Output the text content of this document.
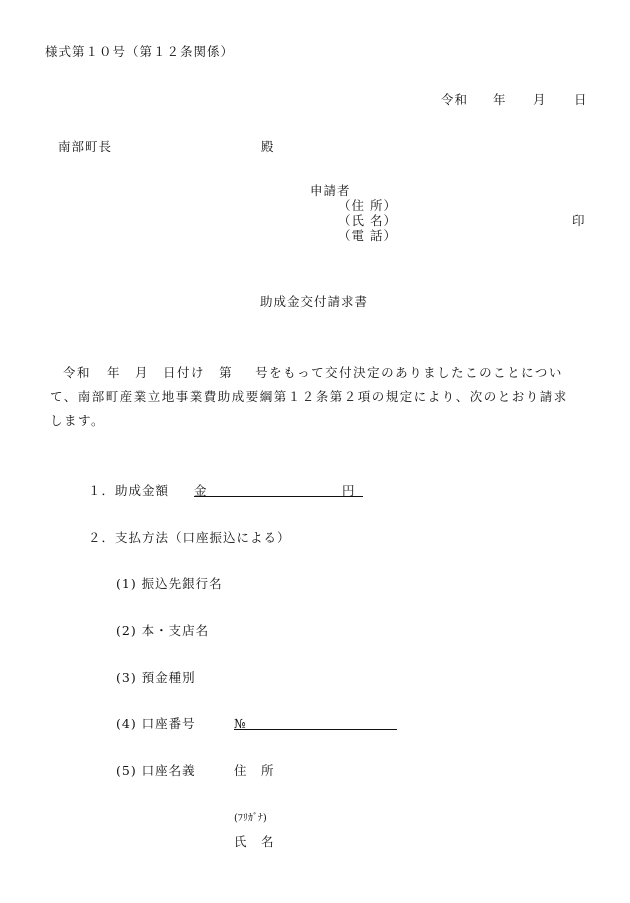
様式第１０号（第１２条関係）
令和 年 月 日
南部町長	殿
申請者
（住 所）
（氏 名）	印
（電 話）
助成金交付請求書
令和 年 月 日付け 第 号をもって交付決定のありましたこのことについて、南部町産業立地事業費助成要綱第１２条第２項の規定により、次のとおり請求します。
１．助成金額 金	円
２．支払方法（口座振込による）
(1) 振込先銀行名
(2) 本・支店名
(3) 預金種別
(4) 口座番号	№
(5) 口座名義	住　所
(ﾌﾘｶﾞﾅ)
氏　名
